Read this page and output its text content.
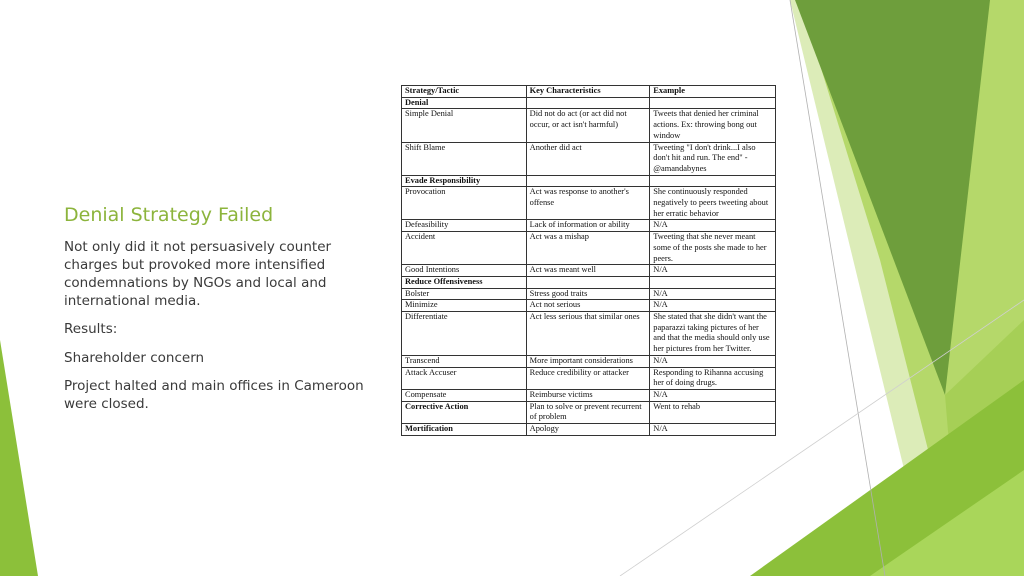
Denial Strategy Failed

Not only did it not persuasively counter charges but provoked more intensified condemnations by NGOs and local and international media.

Results:

Shareholder concern

Project halted and main offices in Cameroon were closed.

Strategy/Tactic	Key Characteristics	Example
Denial		
Simple Denial	Did not do act (or act did not occur, or act isn't harmful)	Tweets that denied her criminal actions. Ex: throwing bong out window
Shift Blame	Another did act	Tweeting "I don't drink...I also don't hit and run. The end" -@amandabynes
Evade Responsibility		
Provocation	Act was response to another's offense	She continuously responded negatively to peers tweeting about her erratic behavior
Defeasibility	Lack of information or ability	N/A
Accident	Act was a mishap	Tweeting that she never meant some of the posts she made to her peers.
Good Intentions	Act was meant well	N/A
Reduce Offensiveness		
Bolster	Stress good traits	N/A
Minimize	Act not serious	N/A
Differentiate	Act less serious that similar ones	She stated that she didn't want the paparazzi taking pictures of her and that the media should only use her pictures from her Twitter.
Transcend	More important considerations	N/A
Attack Accuser	Reduce credibility or attacker	Responding to Rihanna accusing her of doing drugs.
Compensate	Reimburse victims	N/A
Corrective Action	Plan to solve or prevent recurrent of problem	Went to rehab
Mortification	Apology	N/A
